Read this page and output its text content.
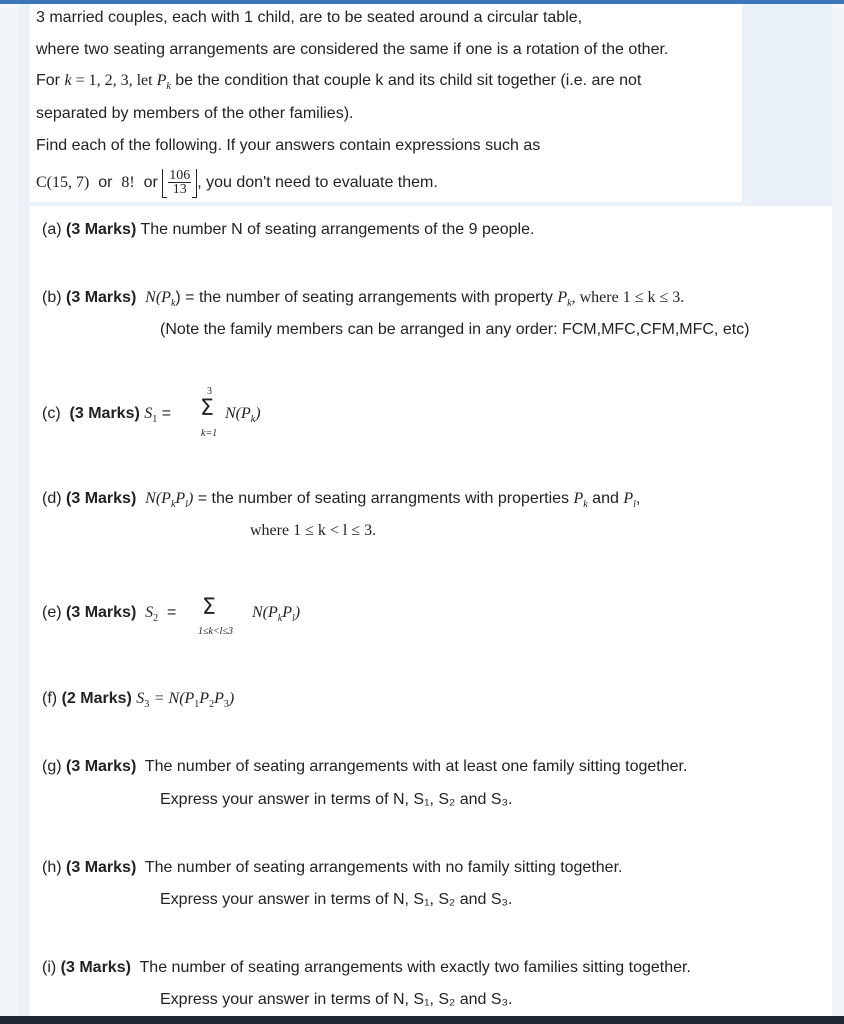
3 married couples, each with 1 child, are to be seated around a circular table,
where two seating arrangements are considered the same if one is a rotation of the other.
For k = 1, 2, 3, let $P_k$ be the condition that couple k and its child sit together (i.e. are not
separated by members of the other families).
Find each of the following. If your answers contain expressions such as
C(15, 7) or 8! or $\frac{106}{13}$ , you don't need to evaluate them.
(a) (3 Marks) The number N of seating arrangements of the 9 people.
(b) (3 Marks) $N(P_k)$ = the number of seating arrangements with property $P_k$, where 1 ≤ k ≤ 3.
(Note the family members can be arranged in any order: FCM,MFC,CFM,MFC, etc)
(c) (3 Marks) $S_1$ =
3
Σ
k=1
$N(P_k)$
(d) (3 Marks) $N(P_kP_l)$ = the number of seating arrangments with properties $P_k$ and $P_l$,
where 1 ≤ k < l ≤ 3.
(e) (3 Marks) $S_2 = \Sigma$
1≤k<l≤3
$N(P_kP_l)$
(f) (2 Marks) $S_3 = N(P_1P_2P_3)$
(g) (3 Marks) The number of seating arrangements with at least one family sitting together.
Express your answer in terms of N, S₁, S₂ and S₃.
(h) (3 Marks) The number of seating arrangements with no family sitting together.
Express your answer in terms of N, S₁, S₂ and S₃.
(i) (3 Marks) The number of seating arrangements with exactly two families sitting together.
Express your answer in terms of N, S₁, S₂ and S₃.
